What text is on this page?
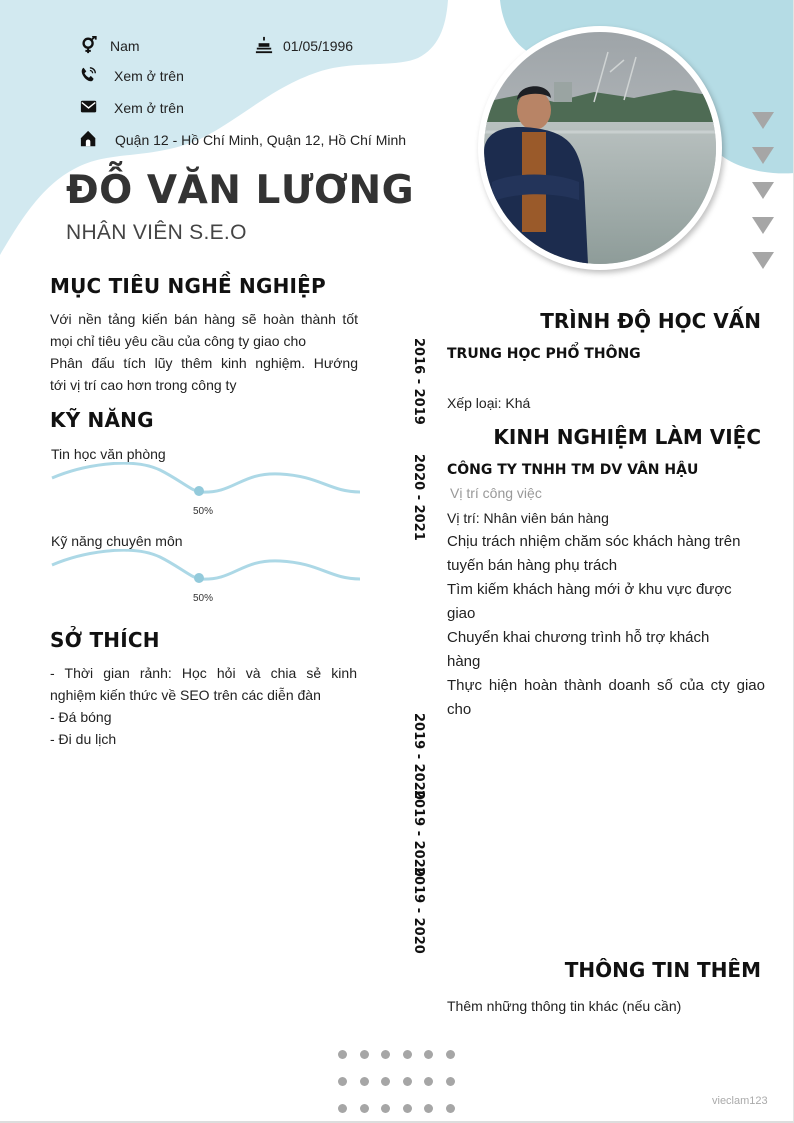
Nam	01/05/1996
Xem ở trên
Xem ở trên
Quận 12 - Hồ Chí Minh, Quận 12, Hồ Chí Minh
ĐỖ VĂN LƯƠNG
NHÂN VIÊN S.E.O
MỤC TIÊU NGHỀ NGHIỆP
Với nền tảng kiến bán hàng sẽ hoàn thành tốt
mọi chỉ tiêu yêu cầu của công ty giao cho
Phân đấu tích lũy thêm kinh nghiệm. Hướng
tới vị trí cao hơn trong công ty
KỸ NĂNG
Tin học văn phòng
50%
Kỹ năng chuyên môn
50%
SỞ THÍCH
- Thời gian rảnh: Học hỏi và chia sẻ kinh
nghiệm kiến thức về SEO trên các diễn đàn
- Đá bóng
- Đi du lịch
2016 - 2019
2020 - 2021
2019 - 2020
2019 - 2020
2019 - 2020
TRÌNH ĐỘ HỌC VẤN
TRUNG HỌC PHỔ THÔNG
Xếp loại: Khá
KINH NGHIỆM LÀM VIỆC
CÔNG TY TNHH TM DV VÂN HẬU
Vị trí công việc
Vị trí: Nhân viên bán hàng
Chịu trách nhiệm chăm sóc khách hàng trên
tuyến bán hàng phụ trách
Tìm kiếm khách hàng mới ở khu vực được
giao
Chuyển khai chương trình hỗ trợ khách
hàng
Thực hiện hoàn thành doanh số của cty giao
cho
THÔNG TIN THÊM
Thêm những thông tin khác (nếu cần)
vieclam123
